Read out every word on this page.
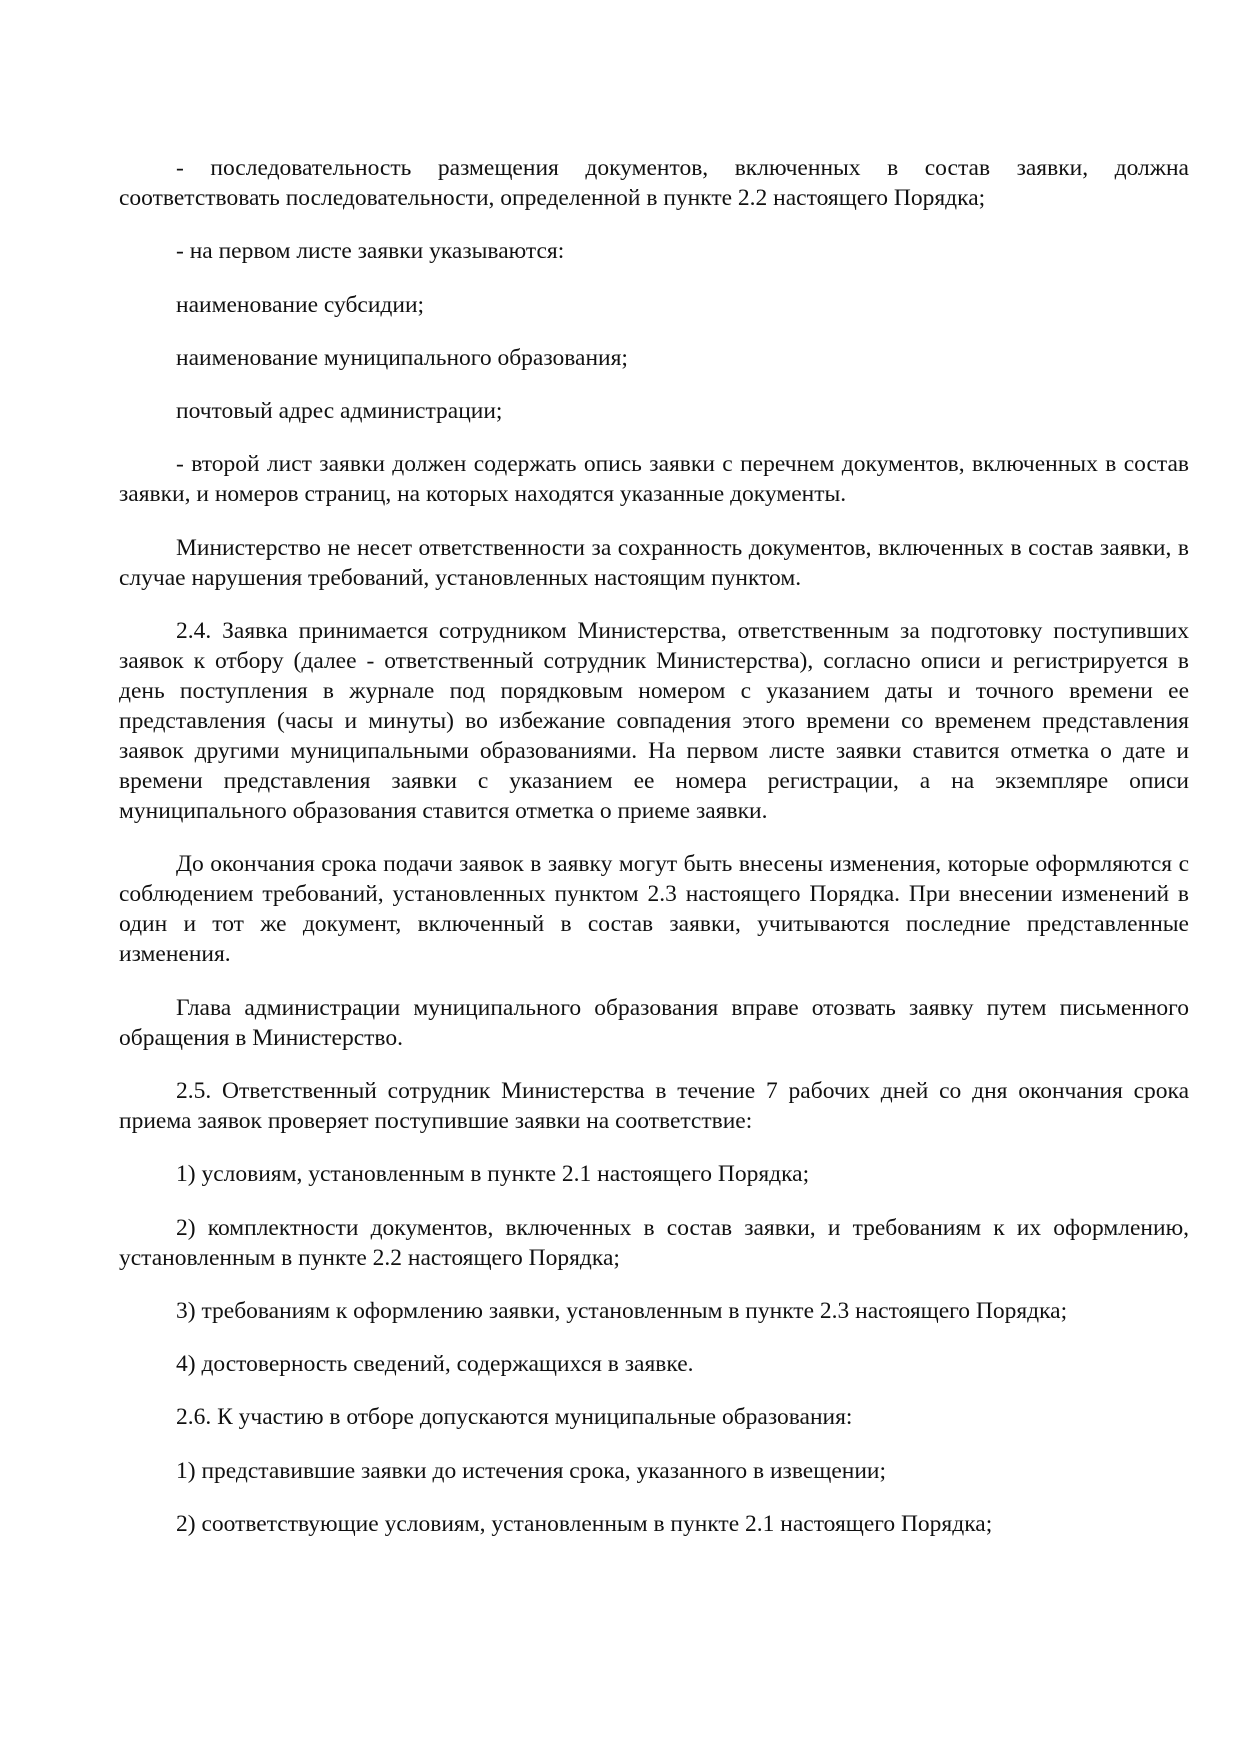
- последовательность размещения документов, включенных в состав заявки, должна соответствовать последовательности, определенной в пункте 2.2 настоящего Порядка;

- на первом листе заявки указываются:

наименование субсидии;

наименование муниципального образования;

почтовый адрес администрации;

- второй лист заявки должен содержать опись заявки с перечнем документов, включенных в состав заявки, и номеров страниц, на которых находятся указанные документы.

Министерство не несет ответственности за сохранность документов, включенных в состав заявки, в случае нарушения требований, установленных настоящим пунктом.

2.4. Заявка принимается сотрудником Министерства, ответственным за подготовку поступивших заявок к отбору (далее - ответственный сотрудник Министерства), согласно описи и регистрируется в день поступления в журнале под порядковым номером с указанием даты и точного времени ее представления (часы и минуты) во избежание совпадения этого времени со временем представления заявок другими муниципальными образованиями. На первом листе заявки ставится отметка о дате и времени представления заявки с указанием ее номера регистрации, а на экземпляре описи муниципального образования ставится отметка о приеме заявки.

До окончания срока подачи заявок в заявку могут быть внесены изменения, которые оформляются с соблюдением требований, установленных пунктом 2.3 настоящего Порядка. При внесении изменений в один и тот же документ, включенный в состав заявки, учитываются последние представленные изменения.

Глава администрации муниципального образования вправе отозвать заявку путем письменного обращения в Министерство.

2.5. Ответственный сотрудник Министерства в течение 7 рабочих дней со дня окончания срока приема заявок проверяет поступившие заявки на соответствие:

1) условиям, установленным в пункте 2.1 настоящего Порядка;

2) комплектности документов, включенных в состав заявки, и требованиям к их оформлению, установленным в пункте 2.2 настоящего Порядка;

3) требованиям к оформлению заявки, установленным в пункте 2.3 настоящего Порядка;

4) достоверность сведений, содержащихся в заявке.

2.6. К участию в отборе допускаются муниципальные образования:

1) представившие заявки до истечения срока, указанного в извещении;

2) соответствующие условиям, установленным в пункте 2.1 настоящего Порядка;
